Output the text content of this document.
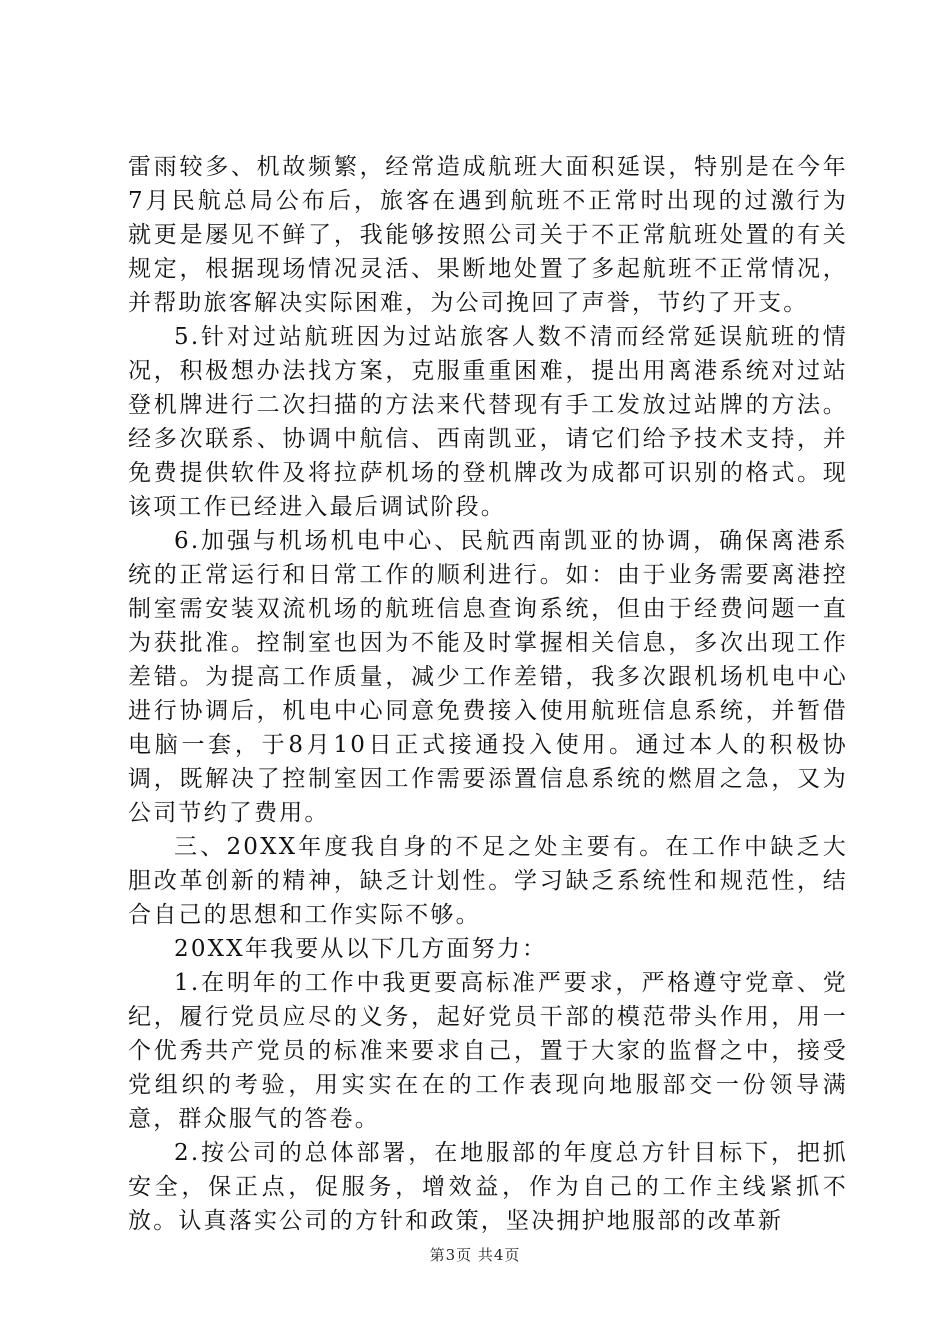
雷雨较多、机故频繁，经常造成航班大面积延误，特别是在今年7月民航总局公布后，旅客在遇到航班不正常时出现的过激行为就更是屡见不鲜了，我能够按照公司关于不正常航班处置的有关规定，根据现场情况灵活、果断地处置了多起航班不正常情况，并帮助旅客解决实际困难，为公司挽回了声誉，节约了开支。

5.针对过站航班因为过站旅客人数不清而经常延误航班的情况，积极想办法找方案，克服重重困难，提出用离港系统对过站登机牌进行二次扫描的方法来代替现有手工发放过站牌的方法。经多次联系、协调中航信、西南凯亚，请它们给予技术支持，并免费提供软件及将拉萨机场的登机牌改为成都可识别的格式。现该项工作已经进入最后调试阶段。

6.加强与机场机电中心、民航西南凯亚的协调，确保离港系统的正常运行和日常工作的顺利进行。如：由于业务需要离港控制室需安装双流机场的航班信息查询系统，但由于经费问题一直为获批准。控制室也因为不能及时掌握相关信息，多次出现工作差错。为提高工作质量，减少工作差错，我多次跟机场机电中心进行协调后，机电中心同意免费接入使用航班信息系统，并暂借电脑一套，于8月10日正式接通投入使用。通过本人的积极协调，既解决了控制室因工作需要添置信息系统的燃眉之急，又为公司节约了费用。

三、20XX年度我自身的不足之处主要有。在工作中缺乏大胆改革创新的精神，缺乏计划性。学习缺乏系统性和规范性，结合自己的思想和工作实际不够。

20XX年我要从以下几方面努力：

1.在明年的工作中我更要高标准严要求，严格遵守党章、党纪，履行党员应尽的义务，起好党员干部的模范带头作用，用一个优秀共产党员的标准来要求自己，置于大家的监督之中，接受党组织的考验，用实实在在的工作表现向地服部交一份领导满意，群众服气的答卷。

2.按公司的总体部署，在地服部的年度总方针目标下，把抓安全，保正点，促服务，增效益，作为自己的工作主线紧抓不放。认真落实公司的方针和政策，坚决拥护地服部的改革新

第3页 共4页
